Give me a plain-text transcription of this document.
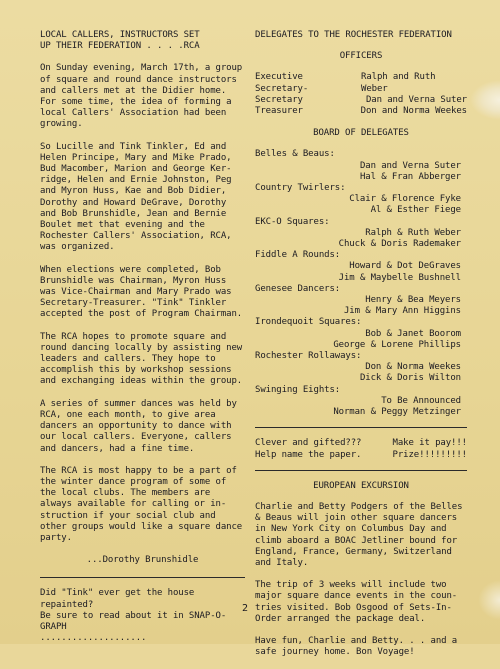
LOCAL CALLERS, INSTRUCTORS SET
UP THEIR FEDERATION . . . .RCA

On Sunday evening, March 17th, a group
of square and round dance instructors
and callers met at the Didier home.
For some time, the idea of forming a
local Callers' Association had been
growing.

So Lucille and Tink Tinkler, Ed and
Helen Principe, Mary and Mike Prado,
Bud Macomber, Marion and George Ker-
ridge, Helen and Ernie Johnston, Peg
and Myron Huss, Kae and Bob Didier,
Dorothy and Howard DeGrave, Dorothy
and Bob Brunshidle, Jean and Bernie
Boulet met that evening and the
Rochester Callers' Association, RCA,
was organized.

When elections were completed, Bob
Brunshidle was Chairman, Myron Huss
was Vice-Chairman and Mary Prado was
Secretary-Treasurer. "Tink" Tinkler
accepted the post of Program Chairman.

The RCA hopes to promote square and
round dancing locally by assisting new
leaders and callers. They hope to
accomplish this by workshop sessions
and exchanging ideas within the group.

A series of summer dances was held by
RCA, one each month, to give area
dancers an opportunity to dance with
our local callers. Everyone, callers
and dancers, had a fine time.

The RCA is most happy to be a part of
the winter dance program of some of
the local clubs. The members are
always available for calling or in-
struction if your social club and
other groups would like a square dance
party.

...Dorothy Brunshidle

Did "Tink" ever get the house repainted?
Be sure to read about it in SNAP-O-GRAPH
....................

DELEGATES TO THE ROCHESTER FEDERATION

OFFICERS

Executive Secretary-
Ralph and Ruth Weber
Secretary	Dan and Verna Suter
Treasurer	Don and Norma Weekes

BOARD OF DELEGATES

Belles & Beaus:
Dan and Verna Suter
Hal & Fran Abberger
Country Twirlers:
Clair & Florence Fyke
Al & Esther Fiege
EKC-O Squares:
Ralph & Ruth Weber
Chuck & Doris Rademaker
Fiddle A Rounds:
Howard & Dot DeGraves
Jim & Maybelle Bushnell
Genesee Dancers:
Henry & Bea Meyers
Jim & Mary Ann Higgins
Irondequoit Squares:
Bob & Janet Boorom
George & Lorene Phillips
Rochester Rollaways:
Don & Norma Weekes
Dick & Doris Wilton
Swinging Eights:
To Be Announced
Norman & Peggy Metzinger
Clever and gifted???
Help name the paper.
Make it pay!!!
Prize!!!!!!!!!

EUROPEAN EXCURSION

Charlie and Betty Podgers of the Belles
& Beaus will join other square dancers
in New York City on Columbus Day and
climb aboard a BOAC Jetliner bound for
England, France, Germany, Switzerland
and Italy.

The trip of 3 weeks will include two
major square dance events in the coun-
tries visited. Bob Osgood of Sets-In-
Order arranged the package deal.

Have fun, Charlie and Betty. . . and a
safe journey home. Bon Voyage!

2
